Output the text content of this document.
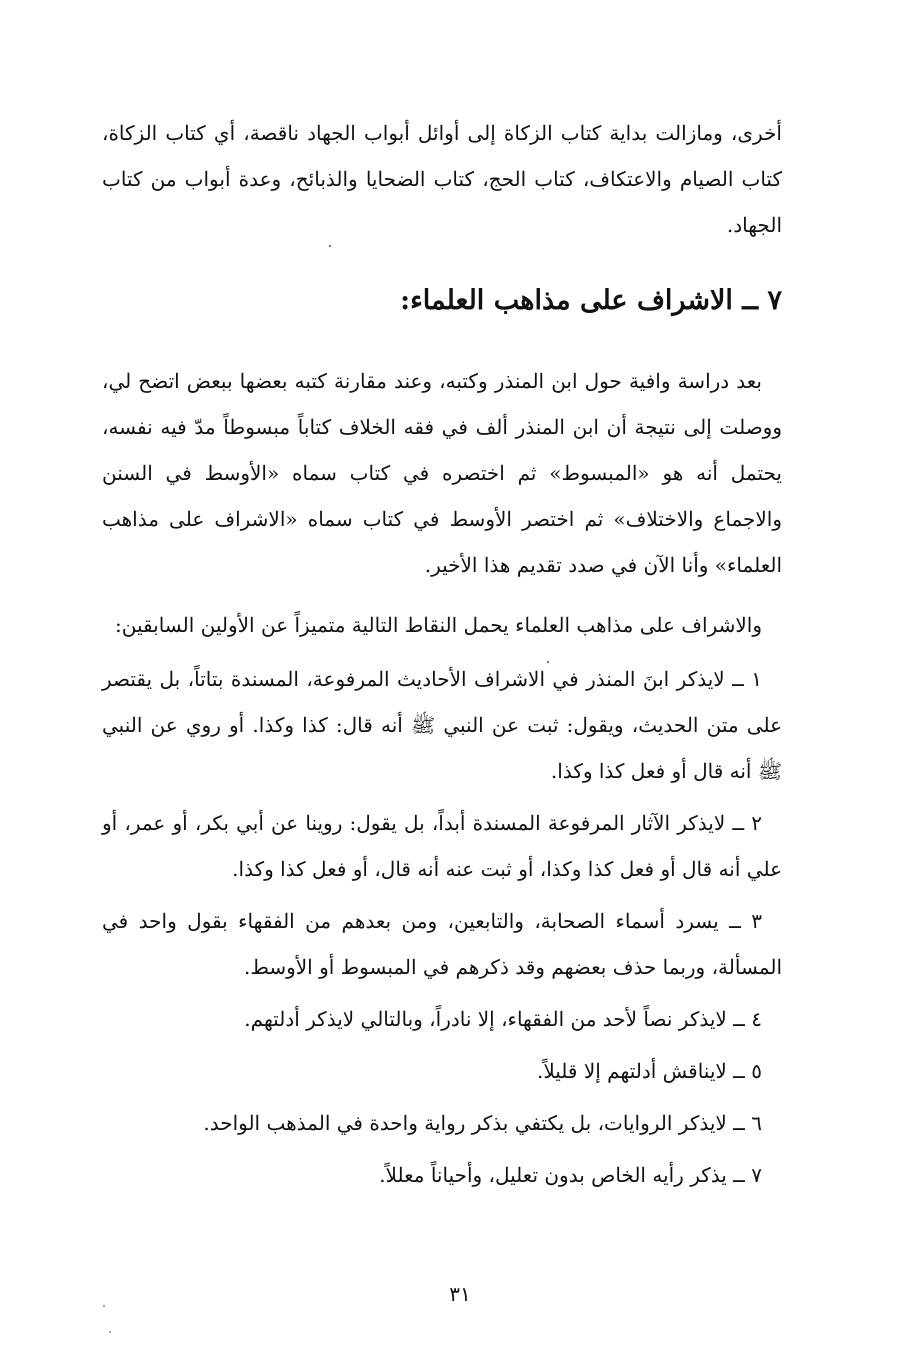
أخرى، ومازالت بداية كتاب الزكاة إلى أوائل أبواب الجهاد ناقصة، أي كتاب الزكاة، كتاب الصيام والاعتكاف، كتاب الحج، كتاب الضحايا والذبائح، وعدة أبواب من كتاب الجهاد.

٧ ــ الاشراف على مذاهب العلماء:

بعد دراسة وافية حول ابن المنذر وكتبه، وعند مقارنة كتبه بعضها ببعض اتضح لي، ووصلت إلى نتيجة أن ابن المنذر ألف في فقه الخلاف كتاباً مبسوطاً مدّ فيه نفسه، يحتمل أنه هو «المبسوط» ثم اختصره في كتاب سماه «الأوسط في السنن والاجماع والاختلاف» ثم اختصر الأوسط في كتاب سماه «الاشراف على مذاهب العلماء» وأنا الآن في صدد تقديم هذا الأخير.

والاشراف على مذاهب العلماء يحمل النقاط التالية متميزاً عن الأولين السابقين:

١ ــ لايذكر ابنَ المنذر في الاشراف الأحاديث المرفوعة، المسندة بتاتاً، بل يقتصر على متن الحديث، ويقول: ثبت عن النبي ﷺ أنه قال: كذا وكذا. أو روي عن النبي ﷺ أنه قال أو فعل كذا وكذا.

٢ ــ لايذكر الآثار المرفوعة المسندة أبداً، بل يقول: روينا عن أبي بكر، أو عمر، أو علي أنه قال أو فعل كذا وكذا، أو ثبت عنه أنه قال، أو فعل كذا وكذا.

٣ ــ يسرد أسماء الصحابة، والتابعين، ومن بعدهم من الفقهاء بقول واحد في المسألة، وربما حذف بعضهم وقد ذكرهم في المبسوط أو الأوسط.

٤ ــ لايذكر نصاً لأحد من الفقهاء، إلا نادراً، وبالتالي لايذكر أدلتهم.

٥ ــ لايناقش أدلتهم إلا قليلاً.

٦ ــ لايذكر الروايات، بل يكتفي بذكر رواية واحدة في المذهب الواحد.

٧ ــ يذكر رأيه الخاص بدون تعليل، وأحياناً معللاً.

٣١
